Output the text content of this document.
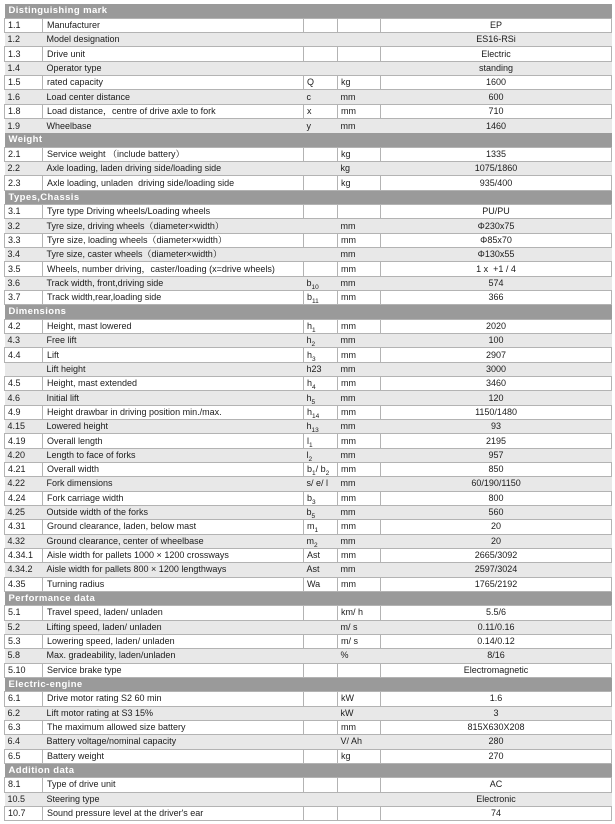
Distinguishing mark				
1.1	Manufacturer			EP
1.2	Model designation			ES16-RSi
1.3	Drive unit			Electric
1.4	Operator type			standing
1.5	rated capacity	Q	kg	1600
1.6	Load center distance	c	mm	600
1.8	Load distance，centre of drive axle to fork	x	mm	710
1.9	Wheelbase	y	mm	1460
Weight				
2.1	Service weight （include battery）		kg	1335
2.2	Axle loading, laden driving side/loading side		kg	1075/1860
2.3	Axle loading, unladen  driving side/loading side		kg	935/400
Types,Chassis				
3.1	Tyre type Driving wheels/Loading wheels			PU/PU
3.2	Tyre size, driving wheels（diameter×width）		mm	Φ230x75
3.3	Tyre size, loading wheels（diameter×width）		mm	Φ85x70
3.4	Tyre size, caster wheels（diameter×width）		mm	Φ130x55
3.5	Wheels, number driving，caster/loading (x=drive wheels)		mm	1 x  +1 / 4
3.6	Track width, front,driving side	$b_{10}$	mm	574
3.7	Track width,rear,loading side	$b_{11}$	mm	366
Dimensions				
4.2	Height, mast lowered	$h_1$	mm	2020
4.3	Free lift	$h_2$	mm	100
4.4	Lift	$h_3$	mm	2907
	Lift height	h23	mm	3000
4.5	Height, mast extended	$h_4$	mm	3460
4.6	Initial lift	$h_5$	mm	120
4.9	Height drawbar in driving position min./max.	$h_{14}$	mm	1150/1480
4.15	Lowered height	$h_{13}$	mm	93
4.19	Overall length	$l_1$	mm	2195
4.20	Length to face of forks	$l_2$	mm	957
4.21	Overall width	$b_1/$ $b_2$	mm	850
4.22	Fork dimensions	s/ e/ l	mm	60/190/1150
4.24	Fork carriage width	$b_3$	mm	800
4.25	Outside width of the forks	$b_5$	mm	560
4.31	Ground clearance, laden, below mast	$m_1$	mm	20
4.32	Ground clearance, center of wheelbase	$m_2$	mm	20
4.34.1	Aisle width for pallets 1000 × 1200 crossways	Ast	mm	2665/3092
4.34.2	Aisle width for pallets 800 × 1200 lengthways	Ast	mm	2597/3024
4.35	Turning radius	Wa	mm	1765/2192
Performance data				
5.1	Travel speed, laden/ unladen		km/ h	5.5/6
5.2	Lifting speed, laden/ unladen		m/ s	0.11/0.16
5.3	Lowering speed, laden/ unladen		m/ s	0.14/0.12
5.8	Max. gradeability, laden/unladen		%	8/16
5.10	Service brake type			Electromagnetic
Electric-engine				
6.1	Drive motor rating S2 60 min		kW	1.6
6.2	Lift motor rating at S3 15%		kW	3
6.3	The maximum allowed size battery		mm	815X630X208
6.4	Battery voltage/nominal capacity		V/ Ah	280
6.5	Battery weight		kg	270
Addition data				
8.1	Type of drive unit			AC
10.5	Steering type			Electronic
10.7	Sound pressure level at the driver's ear			74
